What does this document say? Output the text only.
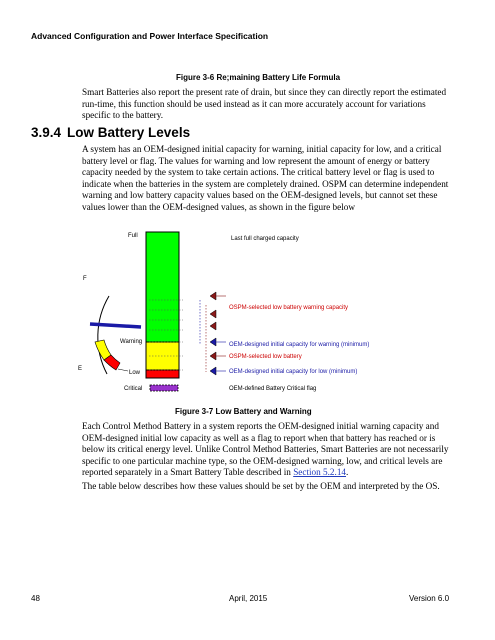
Advanced Configuration and Power Interface Specification
Figure 3-6 Re;maining Battery Life Formula

Smart Batteries also report the present rate of drain, but since they can directly report the estimated run-time, this function should be used instead as it can more accurately account for variations specific to the battery.

3.9.4 Low Battery Levels

A system has an OEM-designed initial capacity for warning, initial capacity for low, and a critical battery level or flag. The values for warning and low represent the amount of energy or battery capacity needed by the system to take certain actions. The critical battery level or flag is used to indicate when the batteries in the system are completely drained. OSPM can determine independent warning and low battery capacity values based on the OEM-designed levels, but cannot set these values lower than the OEM-designed values, as shown in the figure below

F
E
Warning
Low
Critical
Full	Last full charged capacity
OSPM-selected low battery warning capacity
OEM-designed initial capacity for warning (minimum)
OSPM-selected low battery
OEM-designed initial capacity for low (minimum)
OEM-defined Battery Critical flag
Figure 3-7 Low Battery and Warning

Each Control Method Battery in a system reports the OEM-designed initial warning capacity and OEM-designed initial low capacity as well as a flag to report when that battery has reached or is below its critical energy level. Unlike Control Method Batteries, Smart Batteries are not necessarily specific to one particular machine type, so the OEM-designed warning, low, and critical levels are reported separately in a Smart Battery Table described in Section 5.2.14.

The table below describes how these values should be set by the OEM and interpreted by the OS.

48	April, 2015	Version 6.0
